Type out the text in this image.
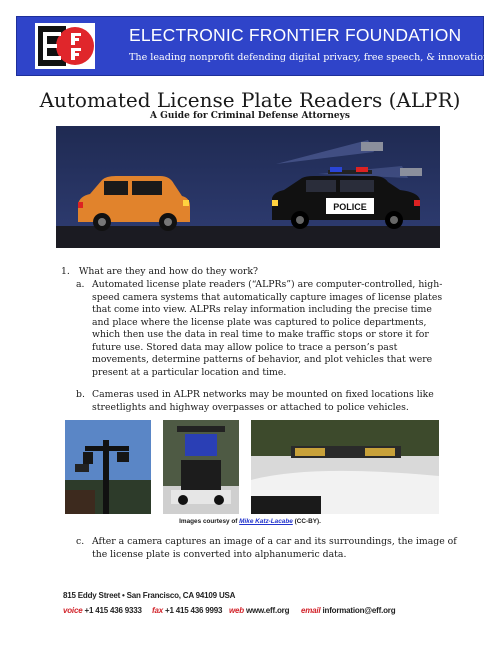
ELECTRONIC FRONTIER FOUNDATION
The leading nonprofit defending digital privacy, free speech, & innovation.
Automated License Plate Readers (ALPR)
A Guide for Criminal Defense Attorneys
POLICE
1. What are they and how do they work?
a. Automated license plate readers (“ALPRs”) are computer-controlled, high-
speed camera systems that automatically capture images of license plates
that come into view. ALPRs relay information including the precise time
and place where the license plate was captured to police departments,
which then use the data in real time to make traffic stops or store it for
future use. Stored data may allow police to trace a person’s past
movements, determine patterns of behavior, and plot vehicles that were
present at a particular location and time.
b. Cameras used in ALPR networks may be mounted on fixed locations like
streetlights and highway overpasses or attached to police vehicles.
Images courtesy of Mike Katz-Lacabe (CC-BY).
c. After a camera captures an image of a car and its surroundings, the image of
the license plate is converted into alphanumeric data.
815 Eddy Street • San Francisco, CA 94109 USA
voice +1 415 436 9333 fax +1 415 436 9993 web www.eff.org email information@eff.org
